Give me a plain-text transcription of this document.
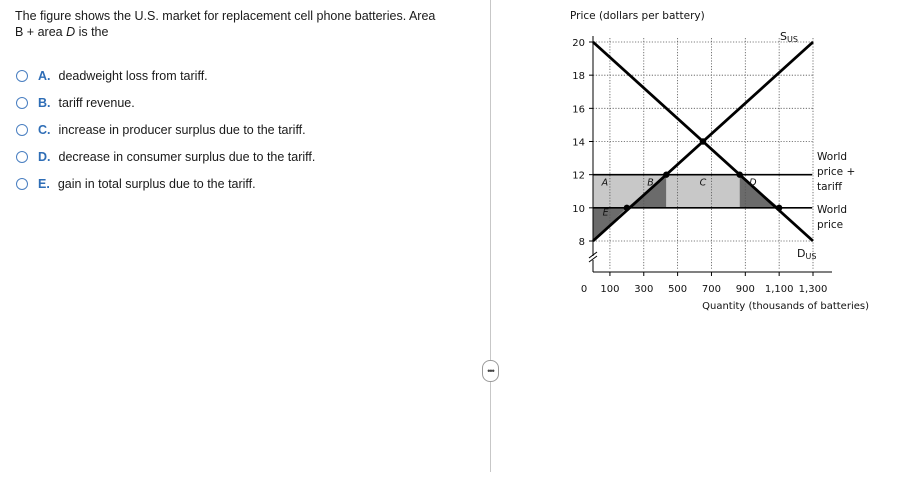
The figure shows the U.S. market for replacement cell phone batteries. Area
B + area D is the
A. deadweight loss from tariff.
B. tariff revenue.
C. increase in producer surplus due to the tariff.
D. decrease in consumer surplus due to the tariff.
E. gain in total surplus due to the tariff.
•••
Price (dollars per battery)
20
18
16
14
12
10
8
100 300 500 700 900 1,100 1,300
0
Quantity (thousands of batteries)
World
price +
tariff
World
price
SUS
DUS
A	B	C	D
E
